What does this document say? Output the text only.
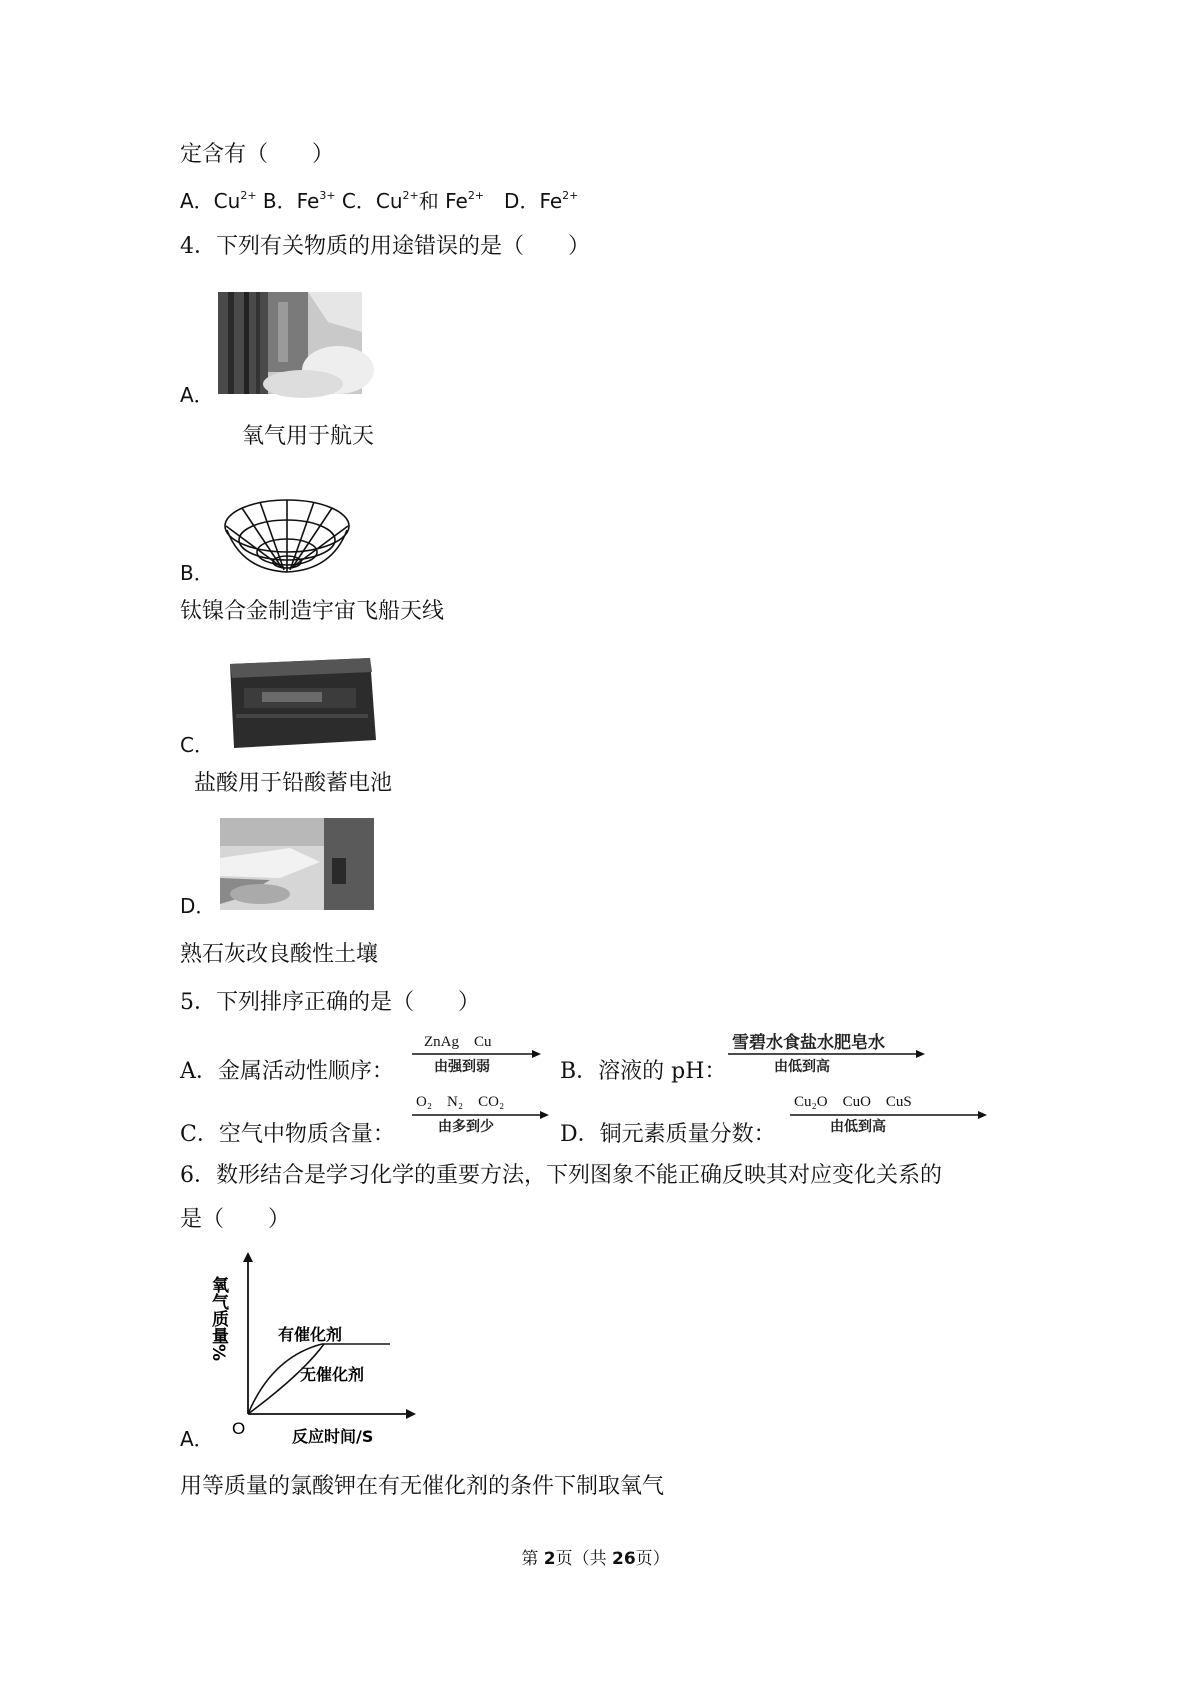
定含有（　　）
A．$Cu^{2+}$ B．$Fe^{3+}$ C．$Cu^{2+}$和 $Fe^{2+}$　D．$Fe^{2+}$
4．下列有关物质的用途错误的是（　　）
A．
氧气用于航天
B．
钛镍合金制造宇宙飞船天线
C．
盐酸用于铅酸蓄电池
D．
熟石灰改良酸性土壤
5．下列排序正确的是（　　）
A．金属活动性顺序：
ZnAg　Cu
由强到弱	B．溶液的 pH：
雪碧水食盐水肥皂水
由低到高
C．空气中物质含量：
O₂　N₂　CO₂
由多到少	D．铜元素质量分数：
Cu₂O　CuO　CuS
由低到高
6．数形结合是学习化学的重要方法，下列图象不能正确反映其对应变化关系的
是（　　）
氧气质量%	有催化剂
无催化剂
O	反应时间/S
A．
用等质量的氯酸钾在有无催化剂的条件下制取氧气
第 2页（共 26页）
